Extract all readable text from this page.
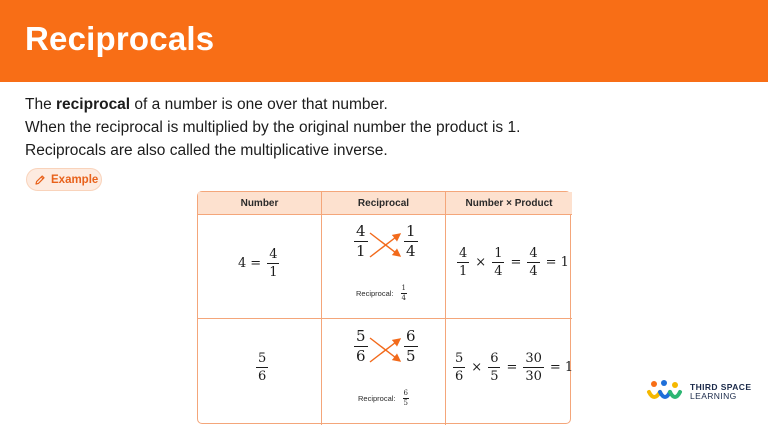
Reciprocals

The reciprocal of a number is one over that number.

When the reciprocal is multiplied by the original number the product is 1.

Reciprocals are also called the multiplicative inverse.

Example
Number	Reciprocal	Number × Product
$4 = \frac{4}{1}$
$\frac{4}{1} \frac{1}{4}$
Reciprocal: $\frac{1}{4}$
$\frac{4}{1} \times \frac{1}{4} = \frac{4}{4} = 1$
$\frac{5}{6}$
$\frac{5}{6} \frac{6}{5}$
Reciprocal: $\frac{6}{5}$
$\frac{5}{6} \times \frac{6}{5} = \frac{30}{30} = 1$
THIRD SPACE
LEARNING
